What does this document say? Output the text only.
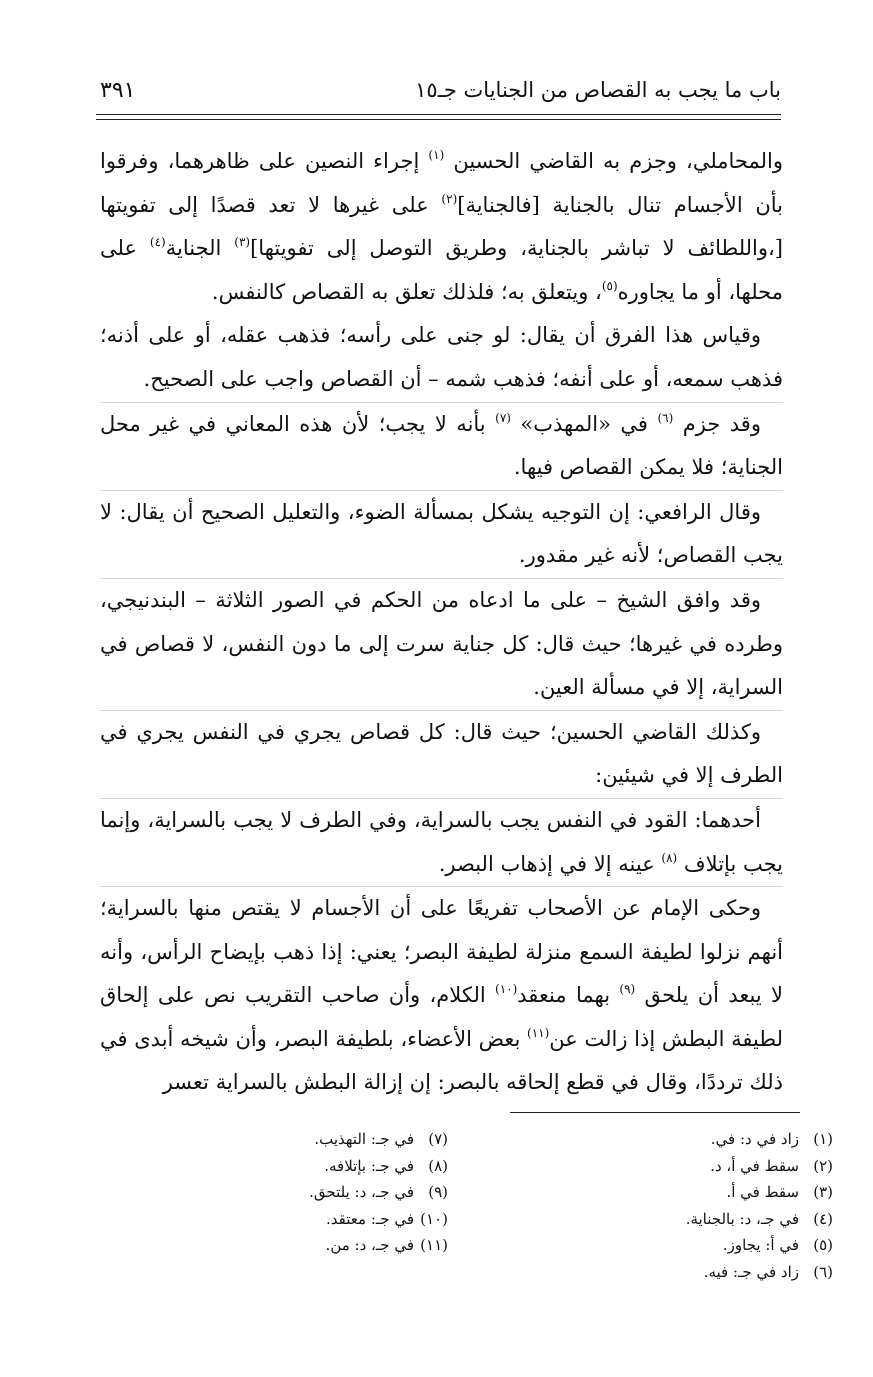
باب ما يجب به القصاص من الجنايات جـ١٥
٣٩١

والمحاملي، وجزم به القاضي الحسين $^{(١)}$ إجراء النصين على ظاهرهما، وفرقوا بأن الأجسام تنال بالجناية [فالجناية]$^{(٢)}$ على غيرها لا تعد قصدًا إلى تفويتها [،واللطائف لا تباشر بالجناية، وطريق التوصل إلى تفويتها]$^{(٣)}$ الجناية$^{(٤)}$ على محلها، أو ما يجاوره$^{(٥)}$، ويتعلق به؛ فلذلك تعلق به القصاص كالنفس.

وقياس هذا الفرق أن يقال: لو جنى على رأسه؛ فذهب عقله، أو على أذنه؛ فذهب سمعه، أو على أنفه؛ فذهب شمه – أن القصاص واجب على الصحيح.

وقد جزم $^{(٦)}$ في «المهذب» $^{(٧)}$ بأنه لا يجب؛ لأن هذه المعاني في غير محل الجناية؛ فلا يمكن القصاص فيها.

وقال الرافعي: إن التوجيه يشكل بمسألة الضوء، والتعليل الصحيح أن يقال: لا يجب القصاص؛ لأنه غير مقدور.

وقد وافق الشيخ – على ما ادعاه من الحكم في الصور الثلاثة – البندنيجي، وطرده في غيرها؛ حيث قال: كل جناية سرت إلى ما دون النفس، لا قصاص في السراية، إلا في مسألة العين.

وكذلك القاضي الحسين؛ حيث قال: كل قصاص يجري في النفس يجري في الطرف إلا في شيئين:

أحدهما: القود في النفس يجب بالسراية، وفي الطرف لا يجب بالسراية، وإنما يجب بإتلاف $^{(٨)}$ عينه إلا في إذهاب البصر.

وحكى الإمام عن الأصحاب تفريعًا على أن الأجسام لا يقتص منها بالسراية؛ أنهم نزلوا لطيفة السمع منزلة لطيفة البصر؛ يعني: إذا ذهب بإيضاح الرأس، وأنه لا يبعد أن يلحق $^{(٩)}$ بهما منعقد$^{(١٠)}$ الكلام، وأن صاحب التقريب نص على إلحاق لطيفة البطش إذا زالت عن$^{(١١)}$ بعض الأعضاء، بلطيفة البصر، وأن شيخه أبدى في ذلك ترددًا، وقال في قطع إلحاقه بالبصر: إن إزالة البطش بالسراية تعسر

(١)زاد في د: في.
(٢)سقط في أ، د.
(٣)سقط في أ.
(٤)في جـ، د: بالجناية.
(٥)في أ: يجاوز.
(٦)زاد في جـ: فيه.
(٧)في جـ: التهذيب.
(٨)في جـ: بإتلافه.
(٩)في جـ، د: يلتحق.
(١٠)في جـ: معتقد.
(١١)في جـ، د: من.
